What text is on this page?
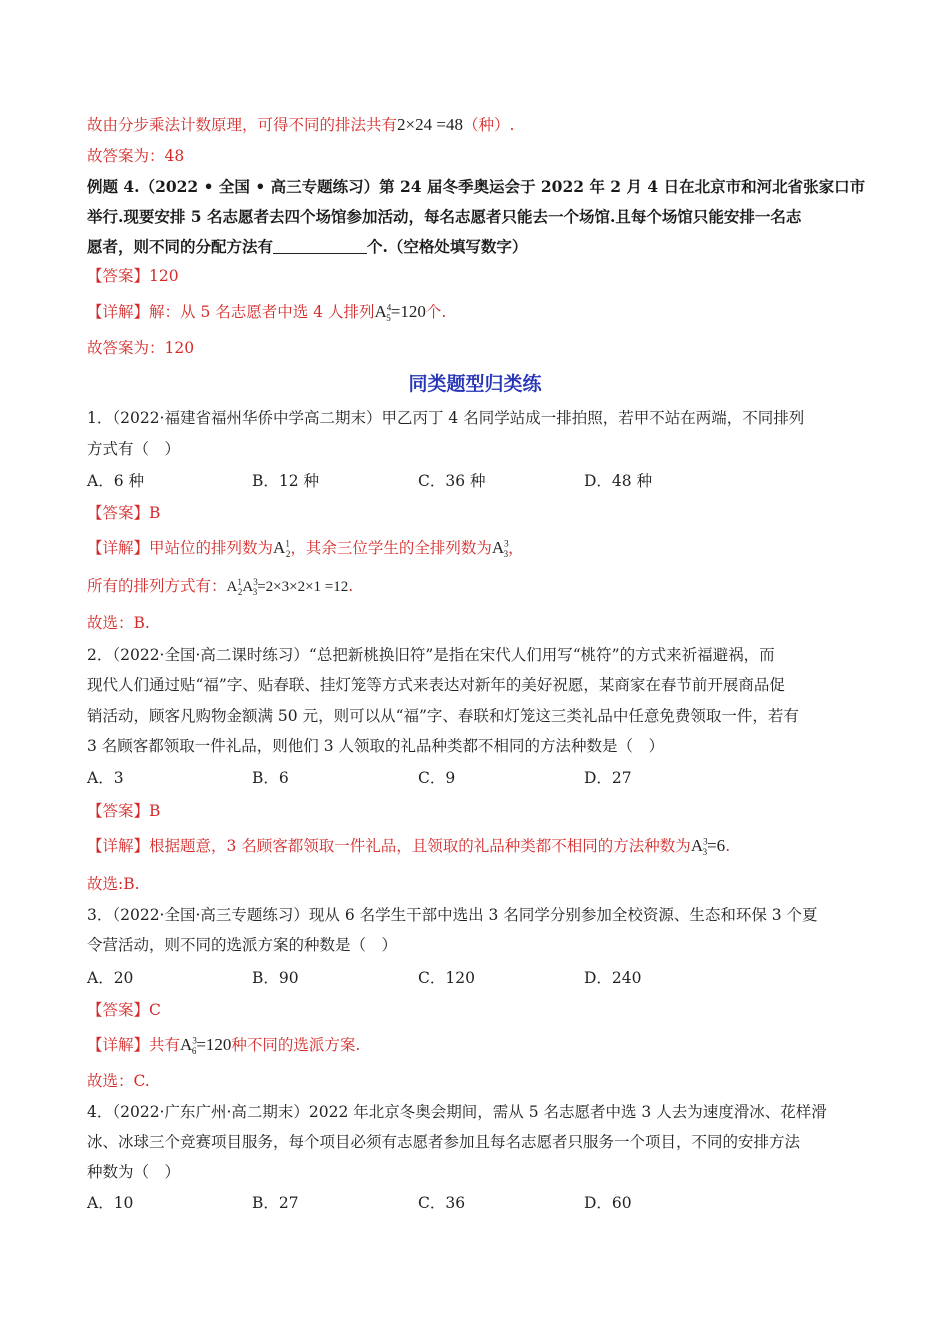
故由分步乘法计数原理，可得不同的排法共有2×24 =48（种）.
故答案为：48
例题 4.（2022 • 全国 • 高三专题练习）第 24 届冬季奥运会于 2022 年 2 月 4 日在北京市和河北省张家口市
举行.现要安排 5 名志愿者去四个场馆参加活动，每名志愿者只能去一个场馆.且每个场馆只能安排一名志
愿者，则不同的分配方法有	个.（空格处填写数字）
【答案】120
【详解】解：从 5 名志愿者中选 4 人排列$A^4_5=120$个.
故答案为：120
同类题型归类练
1．（2022·福建省福州华侨中学高二期末）甲乙丙丁 4 名同学站成一排拍照，若甲不站在两端，不同排列
方式有（　）
A．6 种	B．12 种	C．36 种	D．48 种
【答案】B
【详解】甲站位的排列数为$A^1_2$，其余三位学生的全排列数为$A^3_3$，
所有的排列方式有：$A^1_2A^3_3=2\times 3\times 2\times 1 =12$.
故选：B.
2．（2022·全国·高二课时练习）“总把新桃换旧符”是指在宋代人们用写“桃符”的方式来祈福避祸，而
现代人们通过贴“福”字、贴春联、挂灯笼等方式来表达对新年的美好祝愿，某商家在春节前开展商品促
销活动，顾客凡购物金额满 50 元，则可以从“福”字、春联和灯笼这三类礼品中任意免费领取一件，若有
3 名顾客都领取一件礼品，则他们 3 人领取的礼品种类都不相同的方法种数是（　）
A．3	B．6	C．9	D．27
【答案】B
【详解】根据题意，3 名顾客都领取一件礼品，且领取的礼品种类都不相同的方法种数为$A^3_3=6$.
故选:B.
3．（2022·全国·高三专题练习）现从 6 名学生干部中选出 3 名同学分别参加全校资源、生态和环保 3 个夏
令营活动，则不同的选派方案的种数是（　）
A．20	B．90	C．120	D．240
【答案】C
【详解】共有$A^3_6=120$种不同的选派方案.
故选：C.
4．（2022·广东广州·高二期末）2022 年北京冬奥会期间，需从 5 名志愿者中选 3 人去为速度滑冰、花样滑
冰、冰球三个竞赛项目服务，每个项目必须有志愿者参加且每名志愿者只服务一个项目，不同的安排方法
种数为（　）
A．10	B．27	C．36	D．60
